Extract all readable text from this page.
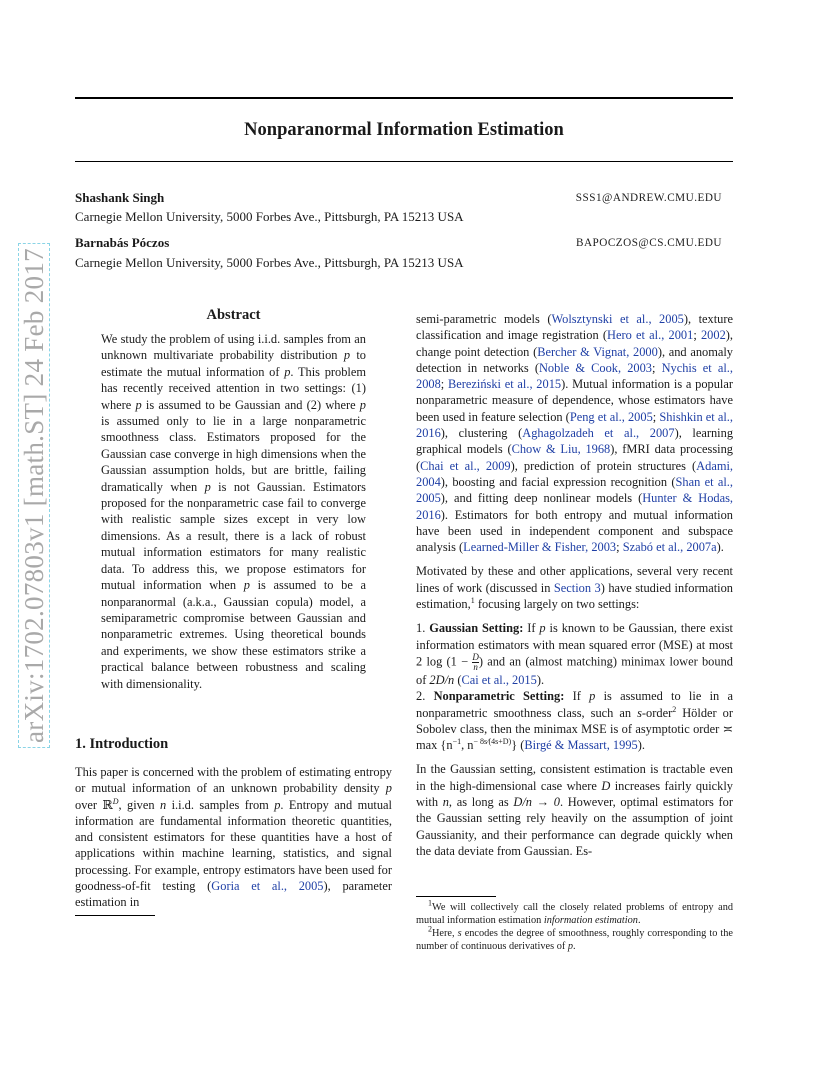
Nonparanormal Information Estimation
arXiv:1702.07803v1 [math.ST] 24 Feb 2017
Shashank Singh	SSS1@ANDREW.CMU.EDU
Carnegie Mellon University, 5000 Forbes Ave., Pittsburgh, PA 15213 USA
Barnabás Póczos	BAPOCZOS@CS.CMU.EDU
Carnegie Mellon University, 5000 Forbes Ave., Pittsburgh, PA 15213 USA
Abstract
We study the problem of using i.i.d. samples from an unknown multivariate probability distribution p to estimate the mutual information of p. This problem has recently received attention in two settings: (1) where p is assumed to be Gaussian and (2) where p is assumed only to lie in a large nonparametric smoothness class. Estimators proposed for the Gaussian case converge in high dimensions when the Gaussian assumption holds, but are brittle, failing dramatically when p is not Gaussian. Estimators proposed for the nonparametric case fail to converge with realistic sample sizes except in very low dimensions. As a result, there is a lack of robust mutual information estimators for many realistic data. To address this, we propose estimators for mutual information when p is assumed to be a nonparanormal (a.k.a., Gaussian copula) model, a semiparametric compromise between Gaussian and nonparametric extremes. Using theoretical bounds and experiments, we show these estimators strike a practical balance between robustness and scaling with dimensionality.
1. Introduction
This paper is concerned with the problem of estimating entropy or mutual information of an unknown probability density p over ℝ$^D$, given n i.i.d. samples from p. Entropy and mutual information are fundamental information theoretic quantities, and consistent estimators for these quantities have a host of applications within machine learning, statistics, and signal processing. For example, entropy estimators have been used for goodness-of-fit testing (Goria et al., 2005), parameter estimation in

semi-parametric models (Wolsztynski et al., 2005), texture classification and image registration (Hero et al., 2001; 2002), change point detection (Bercher & Vignat, 2000), and anomaly detection in networks (Noble & Cook, 2003; Nychis et al., 2008; Bereziński et al., 2015). Mutual information is a popular nonparametric measure of dependence, whose estimators have been used in feature selection (Peng et al., 2005; Shishkin et al., 2016), clustering (Aghagolzadeh et al., 2007), learning graphical models (Chow & Liu, 1968), fMRI data processing (Chai et al., 2009), prediction of protein structures (Adami, 2004), boosting and facial expression recognition (Shan et al., 2005), and fitting deep nonlinear models (Hunter & Hodas, 2016). Estimators for both entropy and mutual information have been used in independent component and subspace analysis (Learned-Miller & Fisher, 2003; Szabó et al., 2007a).

Motivated by these and other applications, several very recent lines of work (discussed in Section 3) have studied information estimation,$^1$ focusing largely on two settings:

1. Gaussian Setting: If p is known to be Gaussian, there exist information estimators with mean squared error (MSE) at most 2 $\log (1 - \frac{D}{n}$ ) and an (almost matching) minimax lower bound of 2D/n (Cai et al., 2015).

2. Nonparametric Setting: If p is assumed to lie in a nonparametric smoothness class, such an s-order$^2$ Hölder or Sobolev class, then the minimax MSE is of asymptotic order ≍ $\max \{n^{-1}$, $n^{- 8s⁄(4s+D)}$} (Birgé & Massart, 1995).

In the Gaussian setting, consistent estimation is tractable even in the high-dimensional case where D increases fairly quickly with n, as long as D/n → 0. However, optimal estimators for the Gaussian setting rely heavily on the assumption of joint Gaussianity, and their performance can degrade quickly when the data deviate from Gaussian. Es-

$^1$We will collectively call the closely related problems of entropy and mutual information estimation information estimation.

$^2$Here, s encodes the degree of smoothness, roughly corresponding to the number of continuous derivatives of p.
